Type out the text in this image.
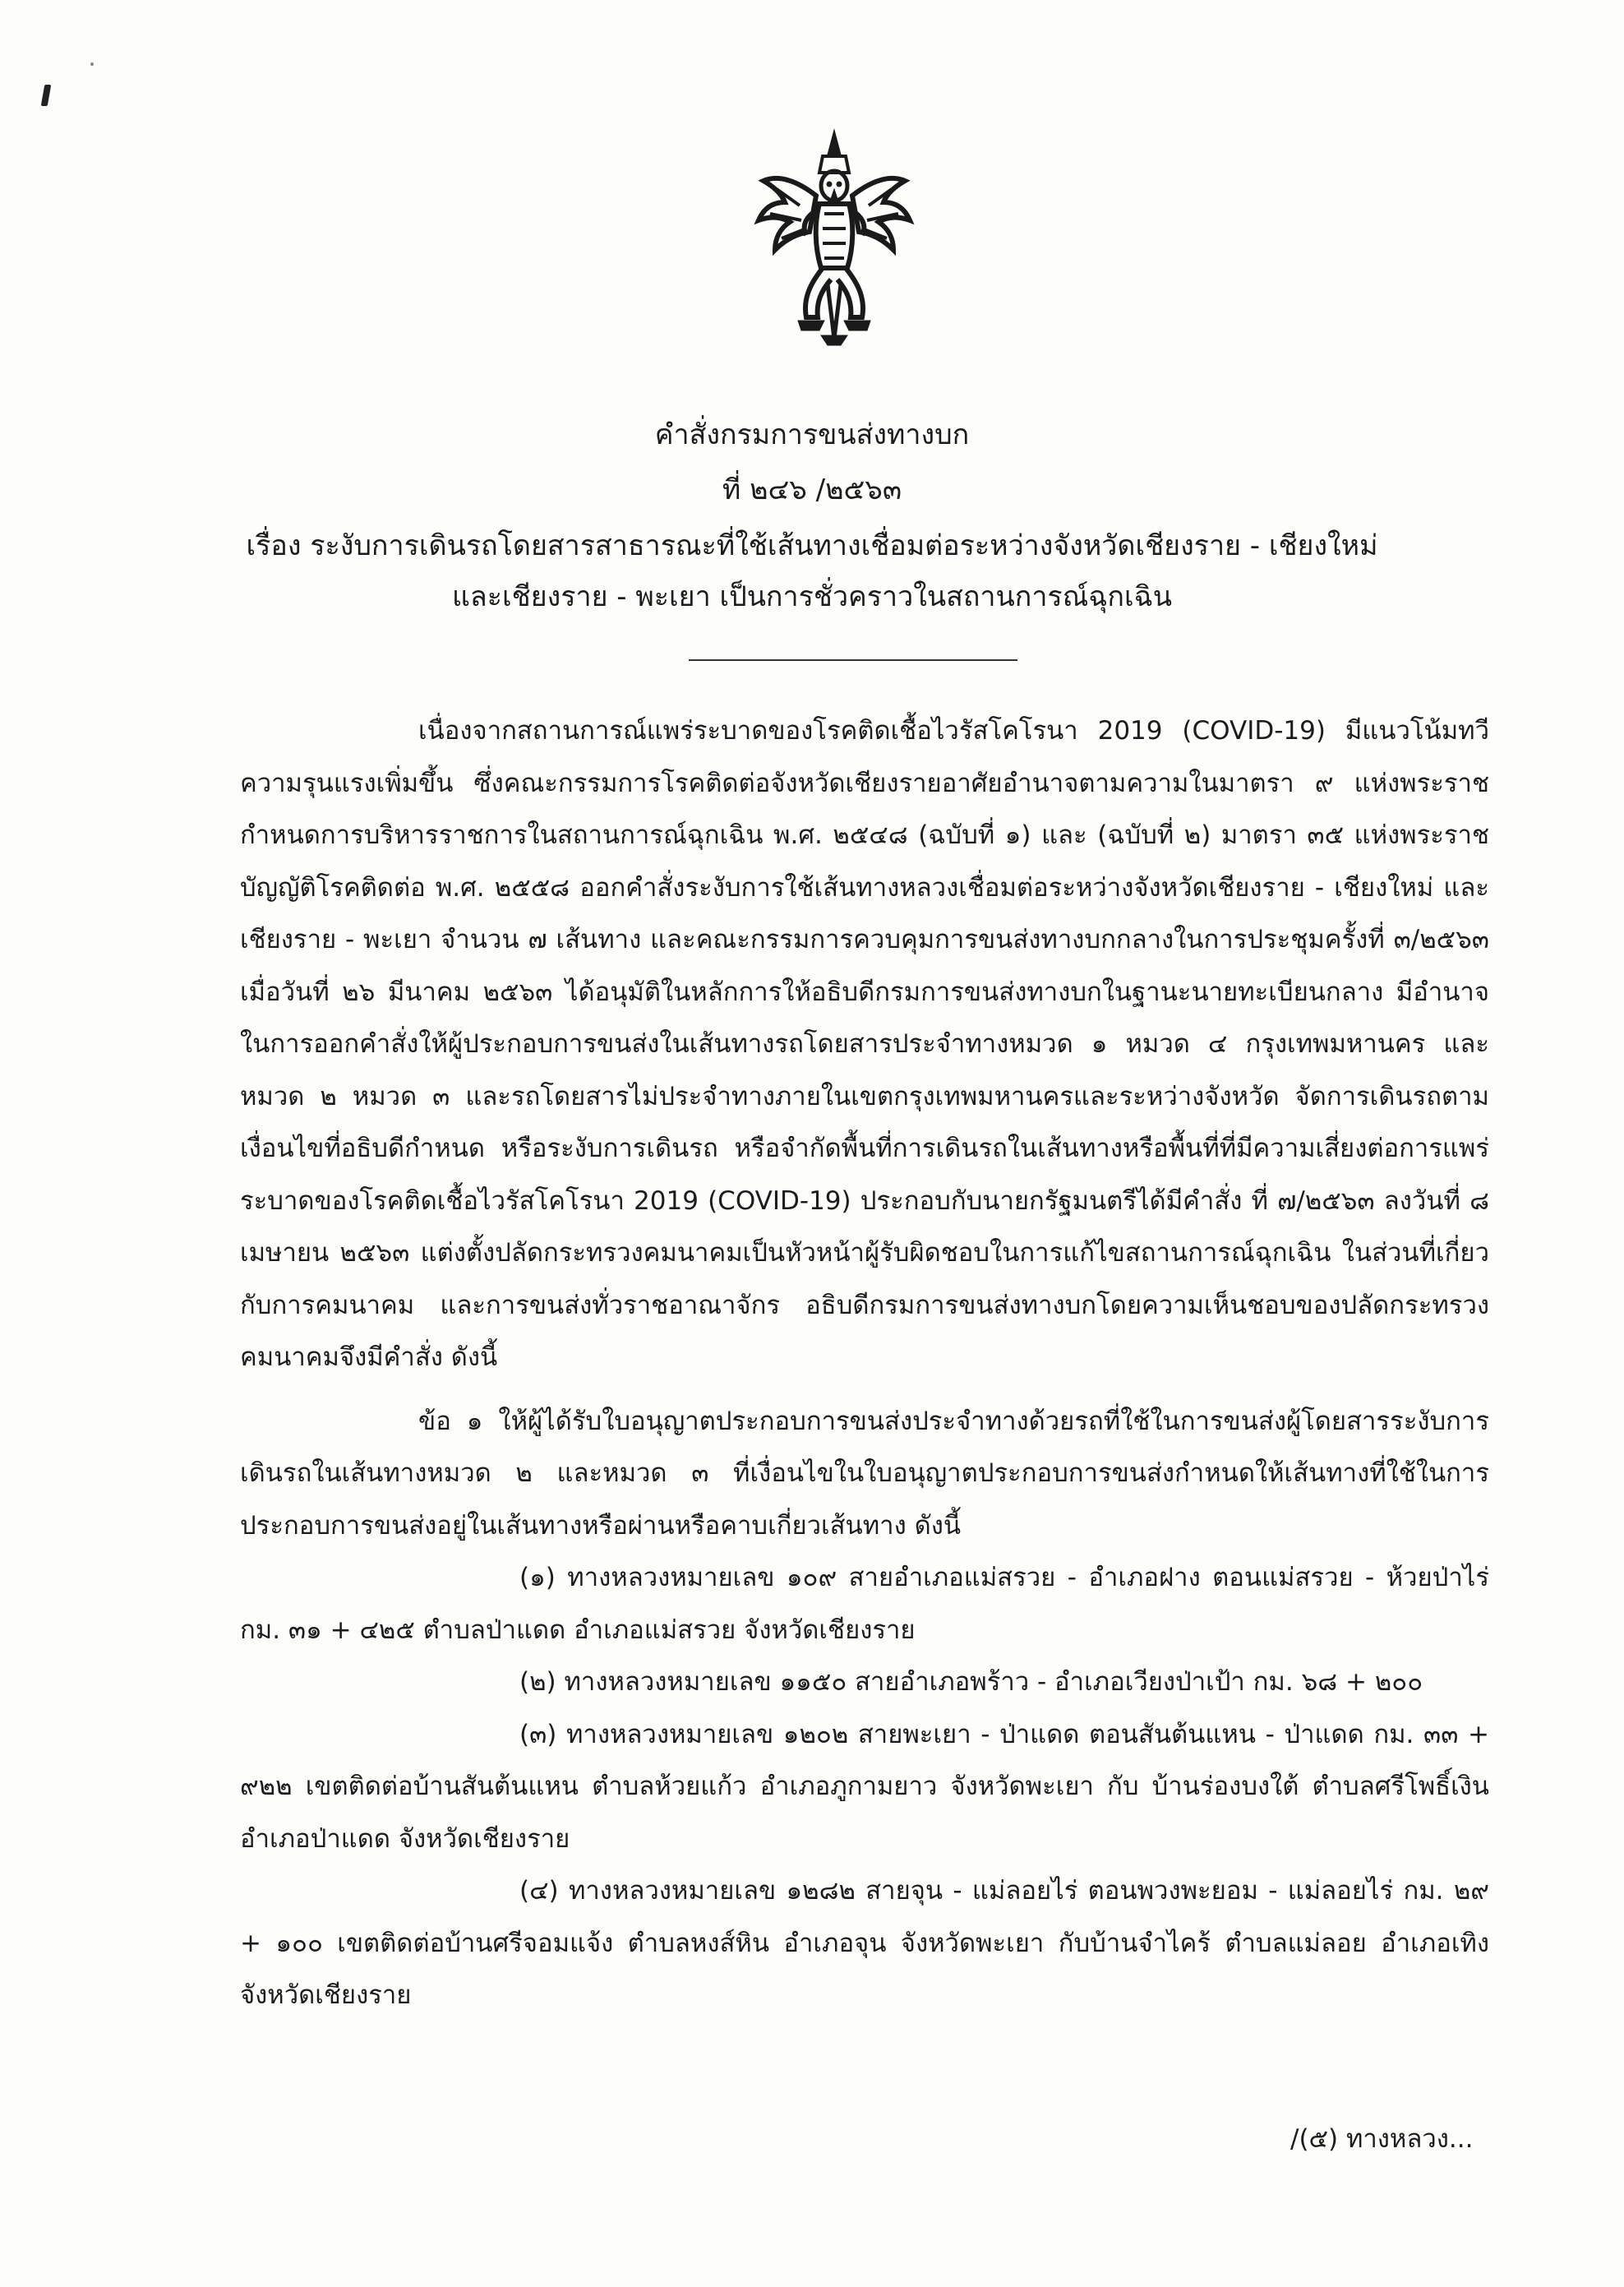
คำสั่งกรมการขนส่งทางบก
ที่ ๒๔๖ /๒๕๖๓
เรื่อง ระงับการเดินรถโดยสารสาธารณะที่ใช้เส้นทางเชื่อมต่อระหว่างจังหวัดเชียงราย - เชียงใหม่
และเชียงราย - พะเยา เป็นการชั่วคราวในสถานการณ์ฉุกเฉิน

เนื่องจากสถานการณ์แพร่ระบาดของโรคติดเชื้อไวรัสโคโรนา 2019 (COVID-19) มีแนวโน้มทวีความรุนแรงเพิ่มขึ้น ซึ่งคณะกรรมการโรคติดต่อจังหวัดเชียงรายอาศัยอำนาจตามความในมาตรา ๙ แห่งพระราชกำหนดการบริหารราชการในสถานการณ์ฉุกเฉิน พ.ศ. ๒๕๔๘ (ฉบับที่ ๑) และ (ฉบับที่ ๒) มาตรา ๓๕ แห่งพระราชบัญญัติโรคติดต่อ พ.ศ. ๒๕๕๘ ออกคำสั่งระงับการใช้เส้นทางหลวงเชื่อมต่อระหว่างจังหวัดเชียงราย - เชียงใหม่ และเชียงราย - พะเยา จำนวน ๗ เส้นทาง และคณะกรรมการควบคุมการขนส่งทางบกกลางในการประชุมครั้งที่ ๓/๒๕๖๓ เมื่อวันที่ ๒๖ มีนาคม ๒๕๖๓ ได้อนุมัติในหลักการให้อธิบดีกรมการขนส่งทางบกในฐานะนายทะเบียนกลาง มีอำนาจในการออกคำสั่งให้ผู้ประกอบการขนส่งในเส้นทางรถโดยสารประจำทางหมวด ๑ หมวด ๔ กรุงเทพมหานคร และหมวด ๒ หมวด ๓ และรถโดยสารไม่ประจำทางภายในเขตกรุงเทพมหานครและระหว่างจังหวัด จัดการเดินรถตามเงื่อนไขที่อธิบดีกำหนด หรือระงับการเดินรถ หรือจำกัดพื้นที่การเดินรถในเส้นทางหรือพื้นที่ที่มีความเสี่ยงต่อการแพร่ระบาดของโรคติดเชื้อไวรัสโคโรนา 2019 (COVID-19) ประกอบกับนายกรัฐมนตรีได้มีคำสั่ง ที่ ๗/๒๕๖๓ ลงวันที่ ๘ เมษายน ๒๕๖๓ แต่งตั้งปลัดกระทรวงคมนาคมเป็นหัวหน้าผู้รับผิดชอบในการแก้ไขสถานการณ์ฉุกเฉิน ในส่วนที่เกี่ยวกับการคมนาคม และการขนส่งทั่วราชอาณาจักร อธิบดีกรมการขนส่งทางบกโดยความเห็นชอบของปลัดกระทรวงคมนาคมจึงมีคำสั่ง ดังนี้

ข้อ ๑ ให้ผู้ได้รับใบอนุญาตประกอบการขนส่งประจำทางด้วยรถที่ใช้ในการขนส่งผู้โดยสารระงับการเดินรถในเส้นทางหมวด ๒ และหมวด ๓ ที่เงื่อนไขในใบอนุญาตประกอบการขนส่งกำหนดให้เส้นทางที่ใช้ในการประกอบการขนส่งอยู่ในเส้นทางหรือผ่านหรือคาบเกี่ยวเส้นทาง ดังนี้

(๑) ทางหลวงหมายเลข ๑๐๙ สายอำเภอแม่สรวย - อำเภอฝาง ตอนแม่สรวย - ห้วยป่าไร่ กม. ๓๑ + ๔๒๕ ตำบลป่าแดด อำเภอแม่สรวย จังหวัดเชียงราย

(๒) ทางหลวงหมายเลข ๑๑๕๐ สายอำเภอพร้าว - อำเภอเวียงป่าเป้า กม. ๖๘ + ๒๐๐

(๓) ทางหลวงหมายเลข ๑๒๐๒ สายพะเยา - ป่าแดด ตอนสันต้นแหน - ป่าแดด กม. ๓๓ + ๙๒๒ เขตติดต่อบ้านสันต้นแหน ตำบลห้วยแก้ว อำเภอภูกามยาว จังหวัดพะเยา กับ บ้านร่องบงใต้ ตำบลศรีโพธิ์เงิน อำเภอป่าแดด จังหวัดเชียงราย

(๔) ทางหลวงหมายเลข ๑๒๘๒ สายจุน - แม่ลอยไร่ ตอนพวงพะยอม - แม่ลอยไร่ กม. ๒๙ + ๑๐๐ เขตติดต่อบ้านศรีจอมแจ้ง ตำบลหงส์หิน อำเภอจุน จังหวัดพะเยา กับบ้านจำไคร้ ตำบลแม่ลอย อำเภอเทิง จังหวัดเชียงราย

/(๕) ทางหลวง...
